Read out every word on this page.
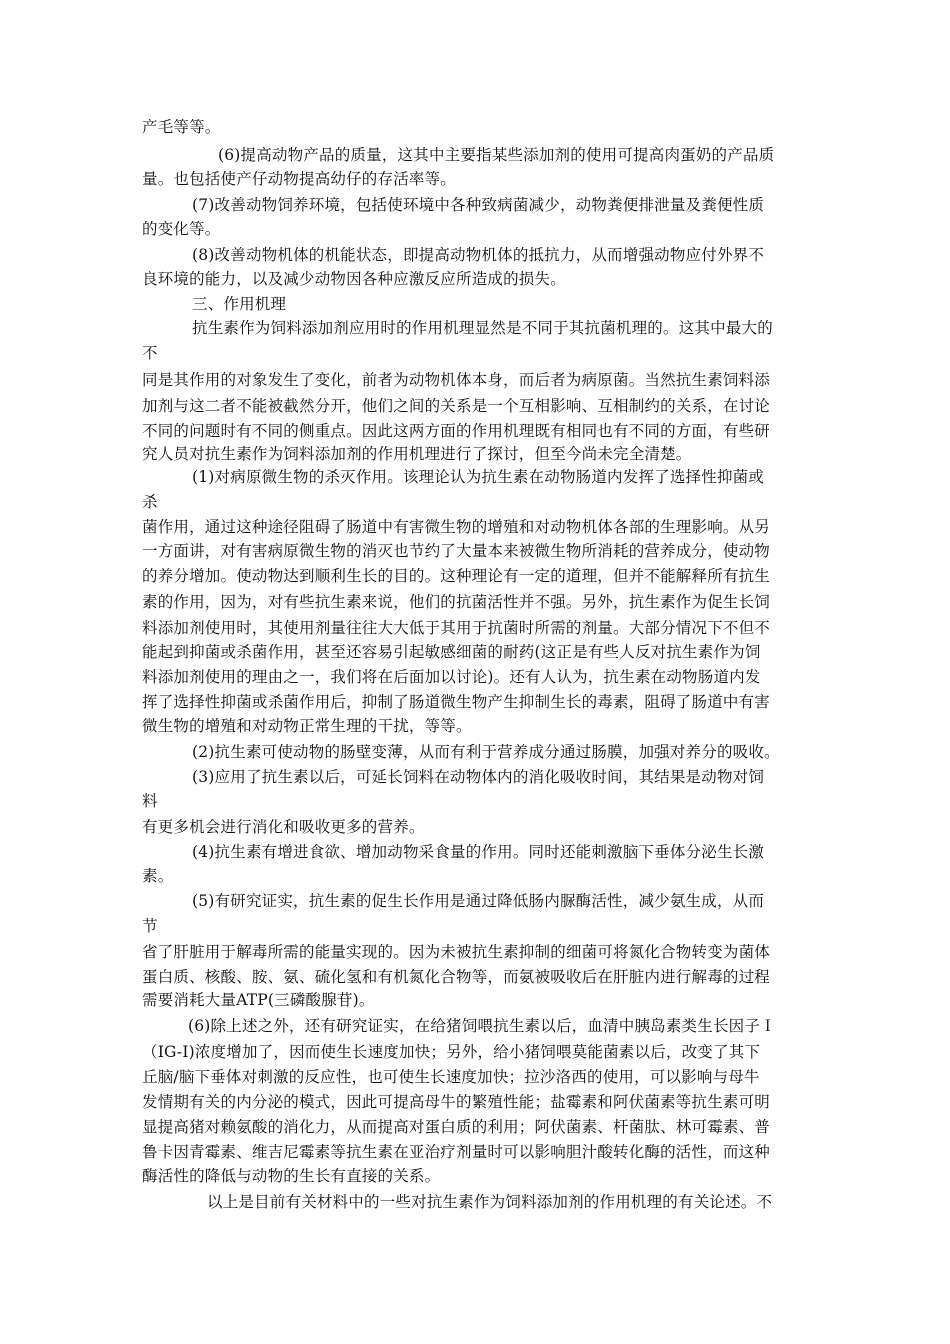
产毛等等。
(6)提高动物产品的质量，这其中主要指某些添加剂的使用可提高肉蛋奶的产品质
量。也包括使产仔动物提高幼仔的存活率等。
(7)改善动物饲养环境，包括使环境中各种致病菌减少，动物粪便排泄量及粪便性质
的变化等。
(8)改善动物机体的机能状态，即提高动物机体的抵抗力，从而增强动物应付外界不
良环境的能力，以及减少动物因各种应激反应所造成的损失。
三、作用机理
抗生素作为饲料添加剂应用时的作用机理显然是不同于其抗菌机理的。这其中最大的
不
同是其作用的对象发生了变化，前者为动物机体本身，而后者为病原菌。当然抗生素饲料添
加剂与这二者不能被截然分开，他们之间的关系是一个互相影响、互相制约的关系，在讨论
不同的问题时有不同的侧重点。因此这两方面的作用机理既有相同也有不同的方面，有些研
究人员对抗生素作为饲料添加剂的作用机理进行了探讨，但至今尚未完全清楚。
(1)对病原微生物的杀灭作用。该理论认为抗生素在动物肠道内发挥了选择性抑菌或
杀
菌作用，通过这种途径阻碍了肠道中有害微生物的增殖和对动物机体各部的生理影响。从另
一方面讲，对有害病原微生物的消灭也节约了大量本来被微生物所消耗的营养成分，使动物
的养分增加。使动物达到顺利生长的目的。这种理论有一定的道理，但并不能解释所有抗生
素的作用，因为，对有些抗生素来说，他们的抗菌活性并不强。另外，抗生素作为促生长饲
料添加剂使用时，其使用剂量往往大大低于其用于抗菌时所需的剂量。大部分情况下不但不
能起到抑菌或杀菌作用，甚至还容易引起敏感细菌的耐药(这正是有些人反对抗生素作为饲
料添加剂使用的理由之一，我们将在后面加以讨论)。还有人认为，抗生素在动物肠道内发
挥了选择性抑菌或杀菌作用后，抑制了肠道微生物产生抑制生长的毒素，阻碍了肠道中有害
微生物的增殖和对动物正常生理的干扰，等等。
(2)抗生素可使动物的肠壁变薄，从而有利于营养成分通过肠膜，加强对养分的吸收。
(3)应用了抗生素以后，可延长饲料在动物体内的消化吸收时间，其结果是动物对饲
料
有更多机会进行消化和吸收更多的营养。
(4)抗生素有增进食欲、增加动物采食量的作用。同时还能刺激脑下垂体分泌生长激
素。
(5)有研究证实，抗生素的促生长作用是通过降低肠内脲酶活性，减少氨生成，从而
节
省了肝脏用于解毒所需的能量实现的。因为未被抗生素抑制的细菌可将氮化合物转变为菌体
蛋白质、核酸、胺、氨、硫化氢和有机氮化合物等，而氨被吸收后在肝脏内进行解毒的过程
需要消耗大量ATP(三磷酸腺苷)。
(6)除上述之外，还有研究证实，在给猪饲喂抗生素以后，血清中胰岛素类生长因子Ｉ
（IG-I)浓度增加了，因而使生长速度加快；另外，给小猪饲喂莫能菌素以后，改变了其下
丘脑/脑下垂体对刺激的反应性，也可使生长速度加快；拉沙洛西的使用，可以影响与母牛
发情期有关的内分泌的模式，因此可提高母牛的繁殖性能；盐霉素和阿伏菌素等抗生素可明
显提高猪对赖氨酸的消化力，从而提高对蛋白质的利用；阿伏菌素、杆菌肽、林可霉素、普
鲁卡因青霉素、维吉尼霉素等抗生素在亚治疗剂量时可以影响胆汁酸转化酶的活性，而这种
酶活性的降低与动物的生长有直接的关系。
以上是目前有关材料中的一些对抗生素作为饲料添加剂的作用机理的有关论述。不
